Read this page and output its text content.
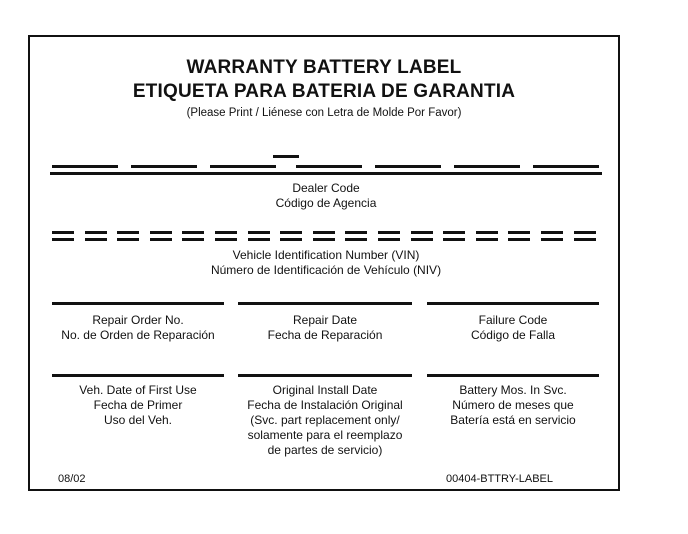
WARRANTY BATTERY LABEL
ETIQUETA PARA BATERIA DE GARANTIA
(Please Print / Liénese con Letra de Molde Por Favor)
Dealer Code
Código de Agencia
Vehicle Identification Number (VIN)
Número de Identificación de Vehículo (NIV)
Repair Order No.
No. de Orden de Reparación
Repair Date
Fecha de Reparación
Failure Code
Código de Falla
Veh. Date of First Use
Fecha de Primer
Uso del Veh.
Original Install Date
Fecha de Instalación Original
(Svc. part replacement only/
solamente para el reemplazo
de partes de servicio)
Battery Mos. In Svc.
Número de meses que
Batería está en servicio
08/02	00404-BTTRY-LABEL
